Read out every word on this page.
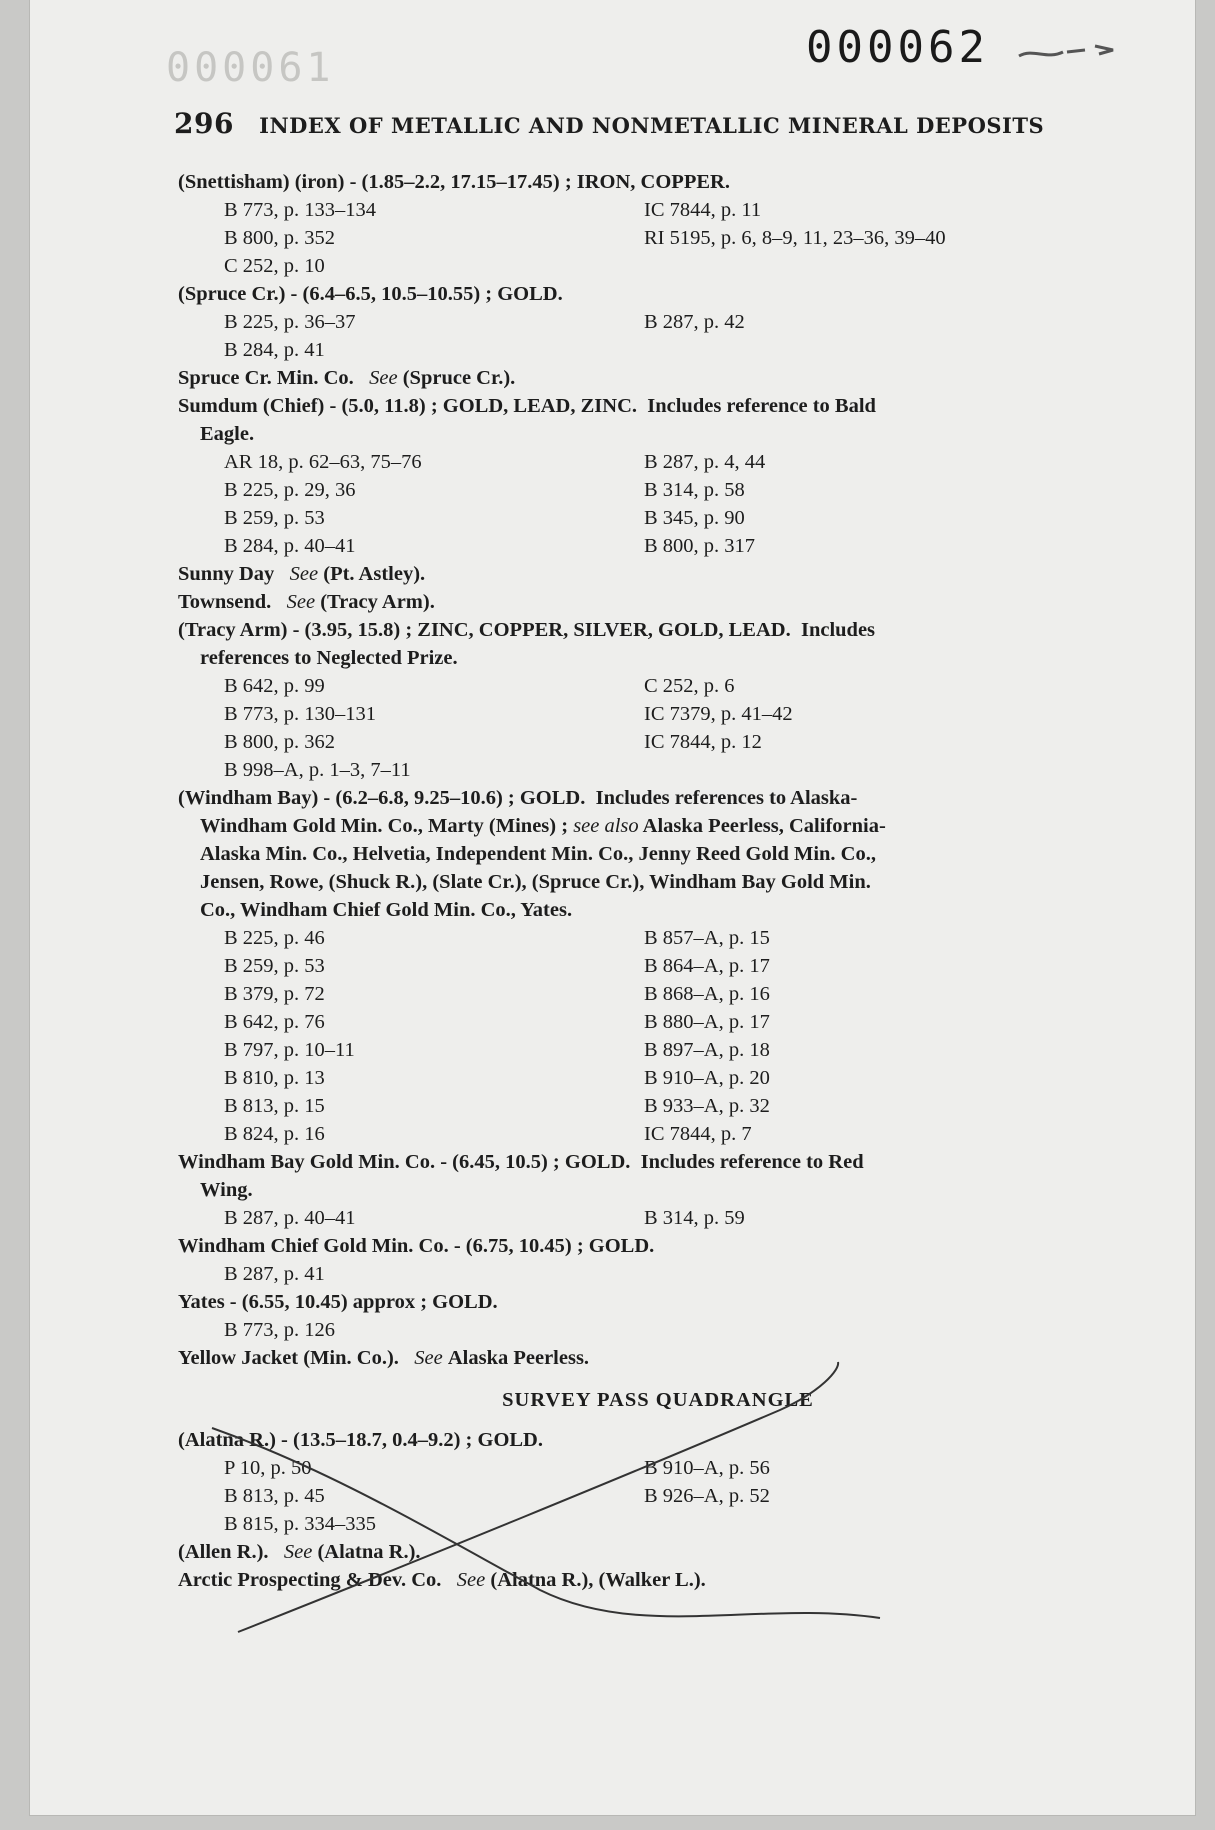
000061	000062
296 INDEX OF METALLIC AND NONMETALLIC MINERAL DEPOSITS
(Snettisham) (iron) - (1.85–2.2, 17.15–17.45) ; IRON, COPPER.
B 773, p. 133–134	IC 7844, p. 11
B 800, p. 352	RI 5195, p. 6, 8–9, 11, 23–36, 39–40
C 252, p. 10
(Spruce Cr.) - (6.4–6.5, 10.5–10.55) ; GOLD.
B 225, p. 36–37	B 287, p. 42
B 284, p. 41
Spruce Cr. Min. Co. See (Spruce Cr.).
Sumdum (Chief) - (5.0, 11.8) ; GOLD, LEAD, ZINC. Includes reference to Bald
Eagle.
AR 18, p. 62–63, 75–76	B 287, p. 4, 44
B 225, p. 29, 36	B 314, p. 58
B 259, p. 53	B 345, p. 90
B 284, p. 40–41	B 800, p. 317
Sunny Day See (Pt. Astley).
Townsend. See (Tracy Arm).
(Tracy Arm) - (3.95, 15.8) ; ZINC, COPPER, SILVER, GOLD, LEAD. Includes
references to Neglected Prize.
B 642, p. 99	C 252, p. 6
B 773, p. 130–131	IC 7379, p. 41–42
B 800, p. 362	IC 7844, p. 12
B 998–A, p. 1–3, 7–11
(Windham Bay) - (6.2–6.8, 9.25–10.6) ; GOLD. Includes references to Alaska-
Windham Gold Min. Co., Marty (Mines) ; see also Alaska Peerless, California-
Alaska Min. Co., Helvetia, Independent Min. Co., Jenny Reed Gold Min. Co.,
Jensen, Rowe, (Shuck R.), (Slate Cr.), (Spruce Cr.), Windham Bay Gold Min.
Co., Windham Chief Gold Min. Co., Yates.
B 225, p. 46	B 857–A, p. 15
B 259, p. 53	B 864–A, p. 17
B 379, p. 72	B 868–A, p. 16
B 642, p. 76	B 880–A, p. 17
B 797, p. 10–11	B 897–A, p. 18
B 810, p. 13	B 910–A, p. 20
B 813, p. 15	B 933–A, p. 32
B 824, p. 16	IC 7844, p. 7
Windham Bay Gold Min. Co. - (6.45, 10.5) ; GOLD. Includes reference to Red
Wing.
B 287, p. 40–41	B 314, p. 59
Windham Chief Gold Min. Co. - (6.75, 10.45) ; GOLD.
B 287, p. 41
Yates - (6.55, 10.45) approx ; GOLD.
B 773, p. 126
Yellow Jacket (Min. Co.). See Alaska Peerless.
SURVEY PASS QUADRANGLE
(Alatna R.) - (13.5–18.7, 0.4–9.2) ; GOLD.
P 10, p. 50	B 910–A, p. 56
B 813, p. 45	B 926–A, p. 52
B 815, p. 334–335
(Allen R.). See (Alatna R.).
Arctic Prospecting & Dev. Co. See (Alatna R.), (Walker L.).
